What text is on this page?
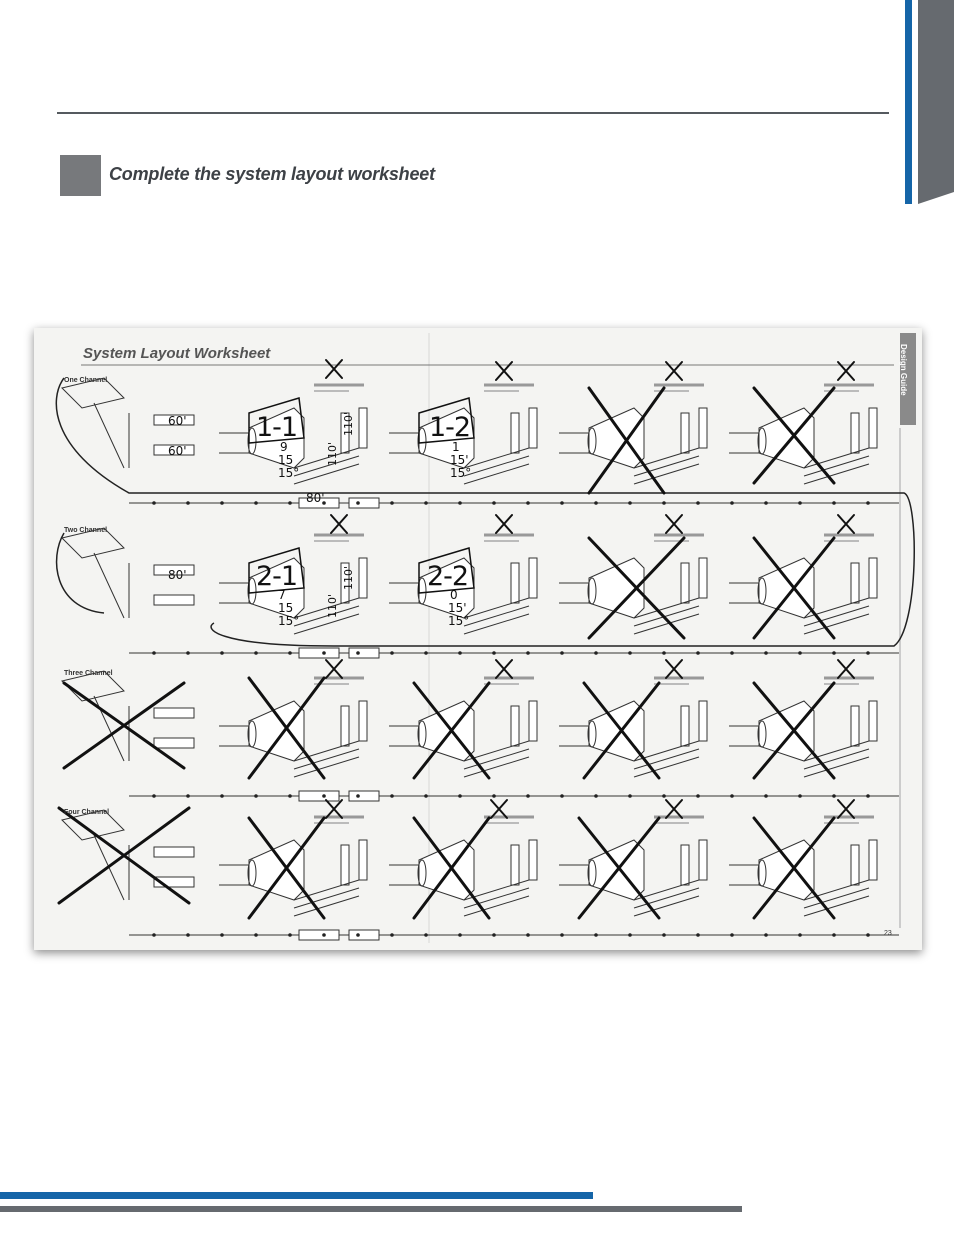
Complete the system layout worksheet
System Layout Worksheet	Design Guide
One Channel
Two Channel
Three Channel
Four Channel
1-1	1-2
2-1	2-2
60'
60'
80'
80'
110'
110'
110'
110'
9
15
15°
1
15'
15°
7
15
15°
0
15'
15°
23
